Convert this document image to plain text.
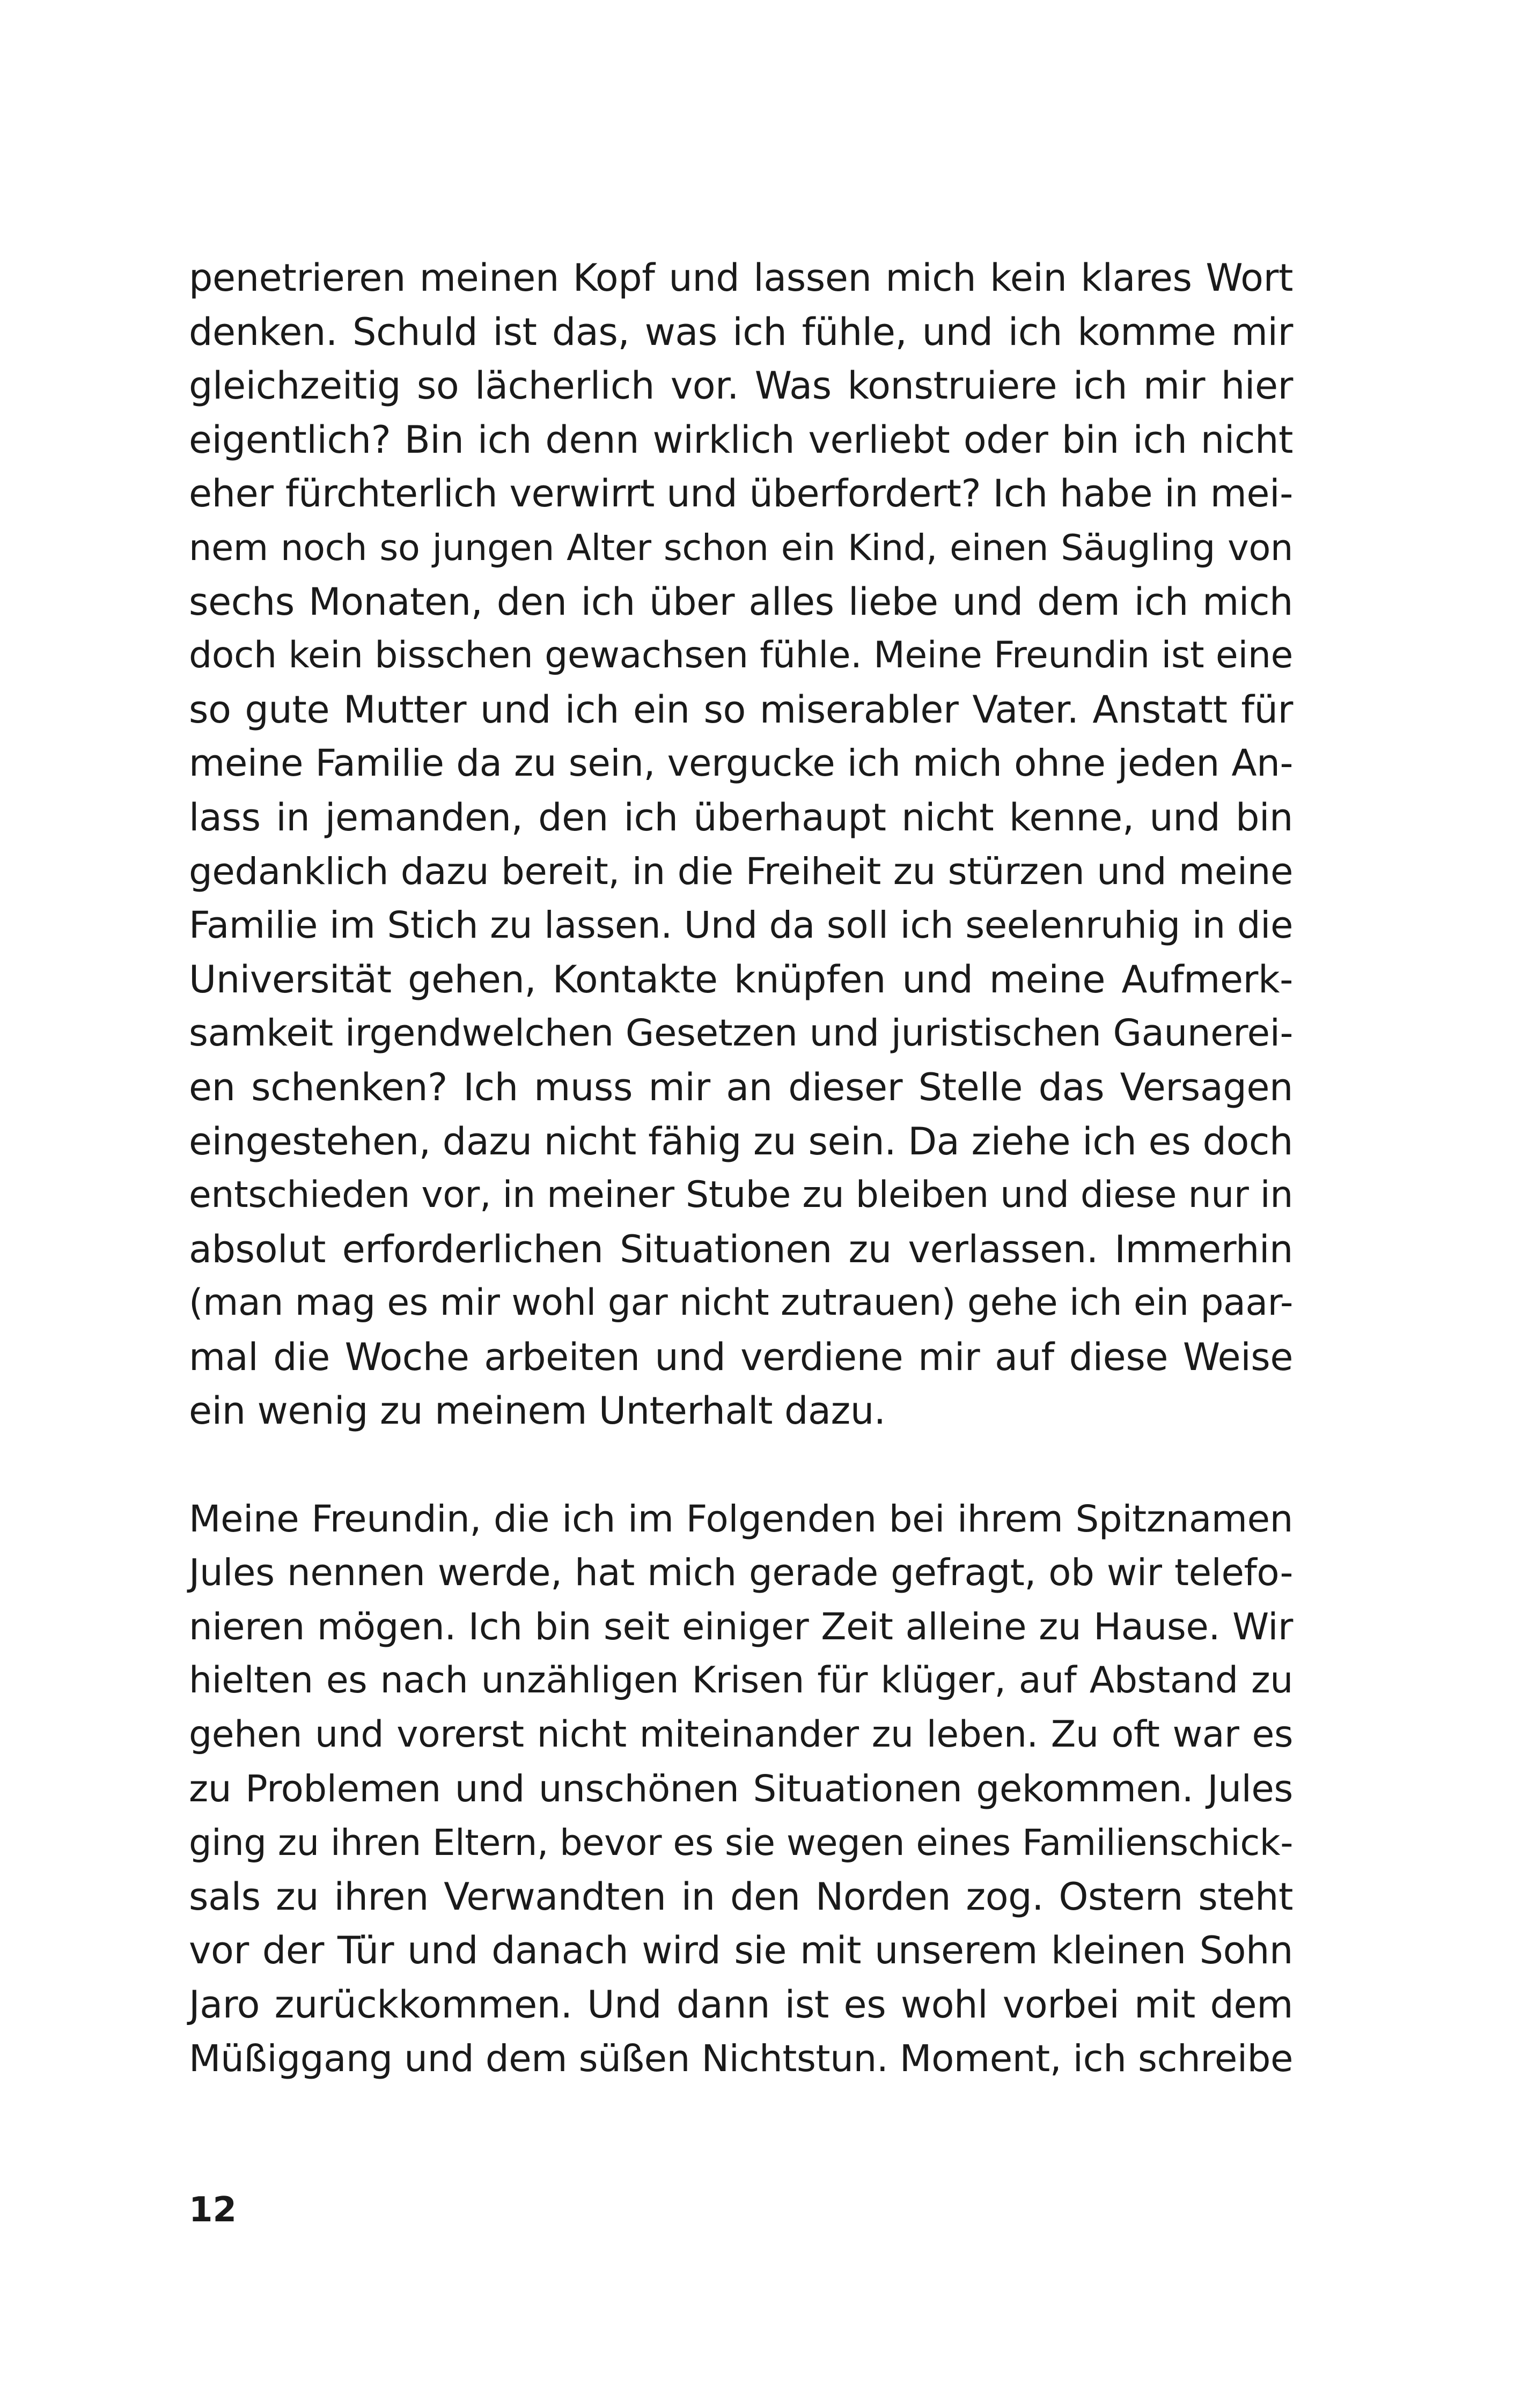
penetrieren meinen Kopf und lassen mich kein klares Wort
denken. Schuld ist das, was ich fühle, und ich komme mir
gleichzeitig so lächerlich vor. Was konstruiere ich mir hier
eigentlich? Bin ich denn wirklich verliebt oder bin ich nicht
eher fürchterlich verwirrt und überfordert? Ich habe in mei-
nem noch so jungen Alter schon ein Kind, einen Säugling von
sechs Monaten, den ich über alles liebe und dem ich mich
doch kein bisschen gewachsen fühle. Meine Freundin ist eine
so gute Mutter und ich ein so miserabler Vater. Anstatt für
meine Familie da zu sein, vergucke ich mich ohne jeden An-
lass in jemanden, den ich überhaupt nicht kenne, und bin
gedanklich dazu bereit, in die Freiheit zu stürzen und meine
Familie im Stich zu lassen. Und da soll ich seelenruhig in die
Universität gehen, Kontakte knüpfen und meine Aufmerk-
samkeit irgendwelchen Gesetzen und juristischen Gaunerei-
en schenken? Ich muss mir an dieser Stelle das Versagen
eingestehen, dazu nicht fähig zu sein. Da ziehe ich es doch
entschieden vor, in meiner Stube zu bleiben und diese nur in
absolut erforderlichen Situationen zu verlassen. Immerhin
(man mag es mir wohl gar nicht zutrauen) gehe ich ein paar-
mal die Woche arbeiten und verdiene mir auf diese Weise
ein wenig zu meinem Unterhalt dazu.
Meine Freundin, die ich im Folgenden bei ihrem Spitznamen
Jules nennen werde, hat mich gerade gefragt, ob wir telefo-
nieren mögen. Ich bin seit einiger Zeit alleine zu Hause. Wir
hielten es nach unzähligen Krisen für klüger, auf Abstand zu
gehen und vorerst nicht miteinander zu leben. Zu oft war es
zu Problemen und unschönen Situationen gekommen. Jules
ging zu ihren Eltern, bevor es sie wegen eines Familienschick-
sals zu ihren Verwandten in den Norden zog. Ostern steht
vor der Tür und danach wird sie mit unserem kleinen Sohn
Jaro zurückkommen. Und dann ist es wohl vorbei mit dem
Müßiggang und dem süßen Nichtstun. Moment, ich schreibe
12
